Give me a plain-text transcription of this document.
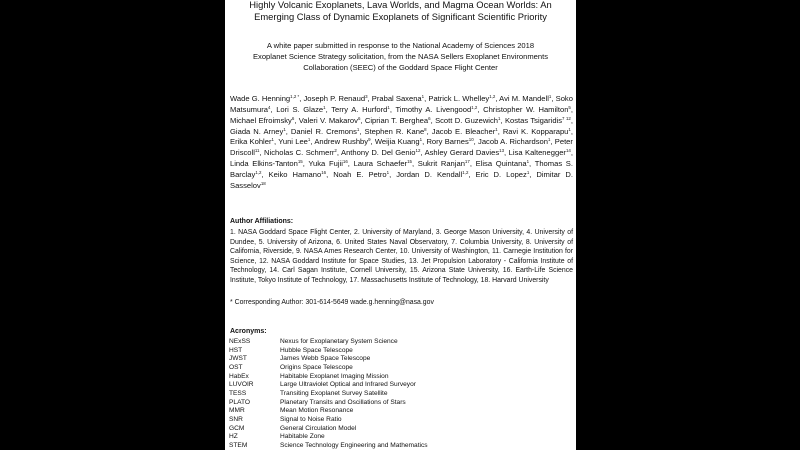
Highly Volcanic Exoplanets, Lava Worlds, and Magma Ocean Worlds: An
Emerging Class of Dynamic Exoplanets of Significant Scientific Priority
A white paper submitted in response to the National Academy of Sciences 2018
Exoplanet Science Strategy solicitation, from the NASA Sellers Exoplanet Environments
Collaboration (SEEC) of the Goddard Space Flight Center
Wade G. Henning$^{1,2 *}$, Joseph P. Renaud$^3$, Prabal Saxena$^1$, Patrick L. Whelley$^{1,2}$, Avi M. Mandell$^1$, Soko Matsumura$^4$, Lori S. Glaze$^1$, Terry A. Hurford$^1$, Timothy A. Livengood$^{1,2}$, Christopher W. Hamilton$^5$, Michael Efroimsky$^6$, Valeri V. Makarov$^6$, Ciprian T. Berghea$^6$, Scott D. Guzewich$^1$, Kostas Tsigaridis$^{7 12}$, Giada N. Arney$^1$, Daniel R. Cremons$^1$, Stephen R. Kane$^8$, Jacob E. Bleacher$^1$, Ravi K. Kopparapu$^1$, Erika Kohler$^1$, Yuni Lee$^1$, Andrew Rushby$^9$, Weijia Kuang$^1$, Rory Barnes$^{10}$, Jacob A. Richardson$^1$, Peter Driscoll$^{11}$, Nicholas C. Schmerr$^2$, Anthony D. Del Genio$^{12}$, Ashley Gerard Davies$^{13}$, Lisa Kaltenegger$^{14}$, Linda Elkins-Tanton$^{15}$, Yuka Fujii$^{16}$, Laura Schaefer$^{15}$, Sukrit Ranjan$^{17}$, Elisa Quintana$^1$, Thomas S. Barclay$^{1,2}$, Keiko Hamano$^{16}$, Noah E. Petro$^1$, Jordan D. Kendall$^{1,2}$, Eric D. Lopez$^1$, Dimitar D. Sasselov$^{18}$
Author Affiliations:
1. NASA Goddard Space Flight Center, 2. University of Maryland, 3. George Mason University, 4. University of Dundee, 5. University of Arizona, 6. United States Naval Observatory, 7. Columbia University, 8. University of California, Riverside, 9. NASA Ames Research Center, 10. University of Washington, 11. Carnegie Institution for Science, 12. NASA Goddard Institute for Space Studies, 13. Jet Propulsion Laboratory - California Institute of Technology, 14. Carl Sagan Institute, Cornell University, 15. Arizona State University, 16. Earth-Life Science Institute, Tokyo Institute of Technology, 17. Massachusetts Institute of Technology, 18. Harvard University
* Corresponding Author: 301-614-5649 wade.g.henning@nasa.gov
Acronyms:
NExSS	Nexus for Exoplanetary System Science
HST	Hubble Space Telescope
JWST	James Webb Space Telescope
OST	Origins Space Telescope
HabEx	Habitable Exoplanet Imaging Mission
LUVOIR	Large Ultraviolet Optical and Infrared Surveyor
TESS	Transiting Exoplanet Survey Satellite
PLATO	Planetary Transits and Oscillations of Stars
MMR	Mean Motion Resonance
SNR	Signal to Noise Ratio
GCM	General Circulation Model
HZ	Habitable Zone
STEM	Science Technology Engineering and Mathematics
